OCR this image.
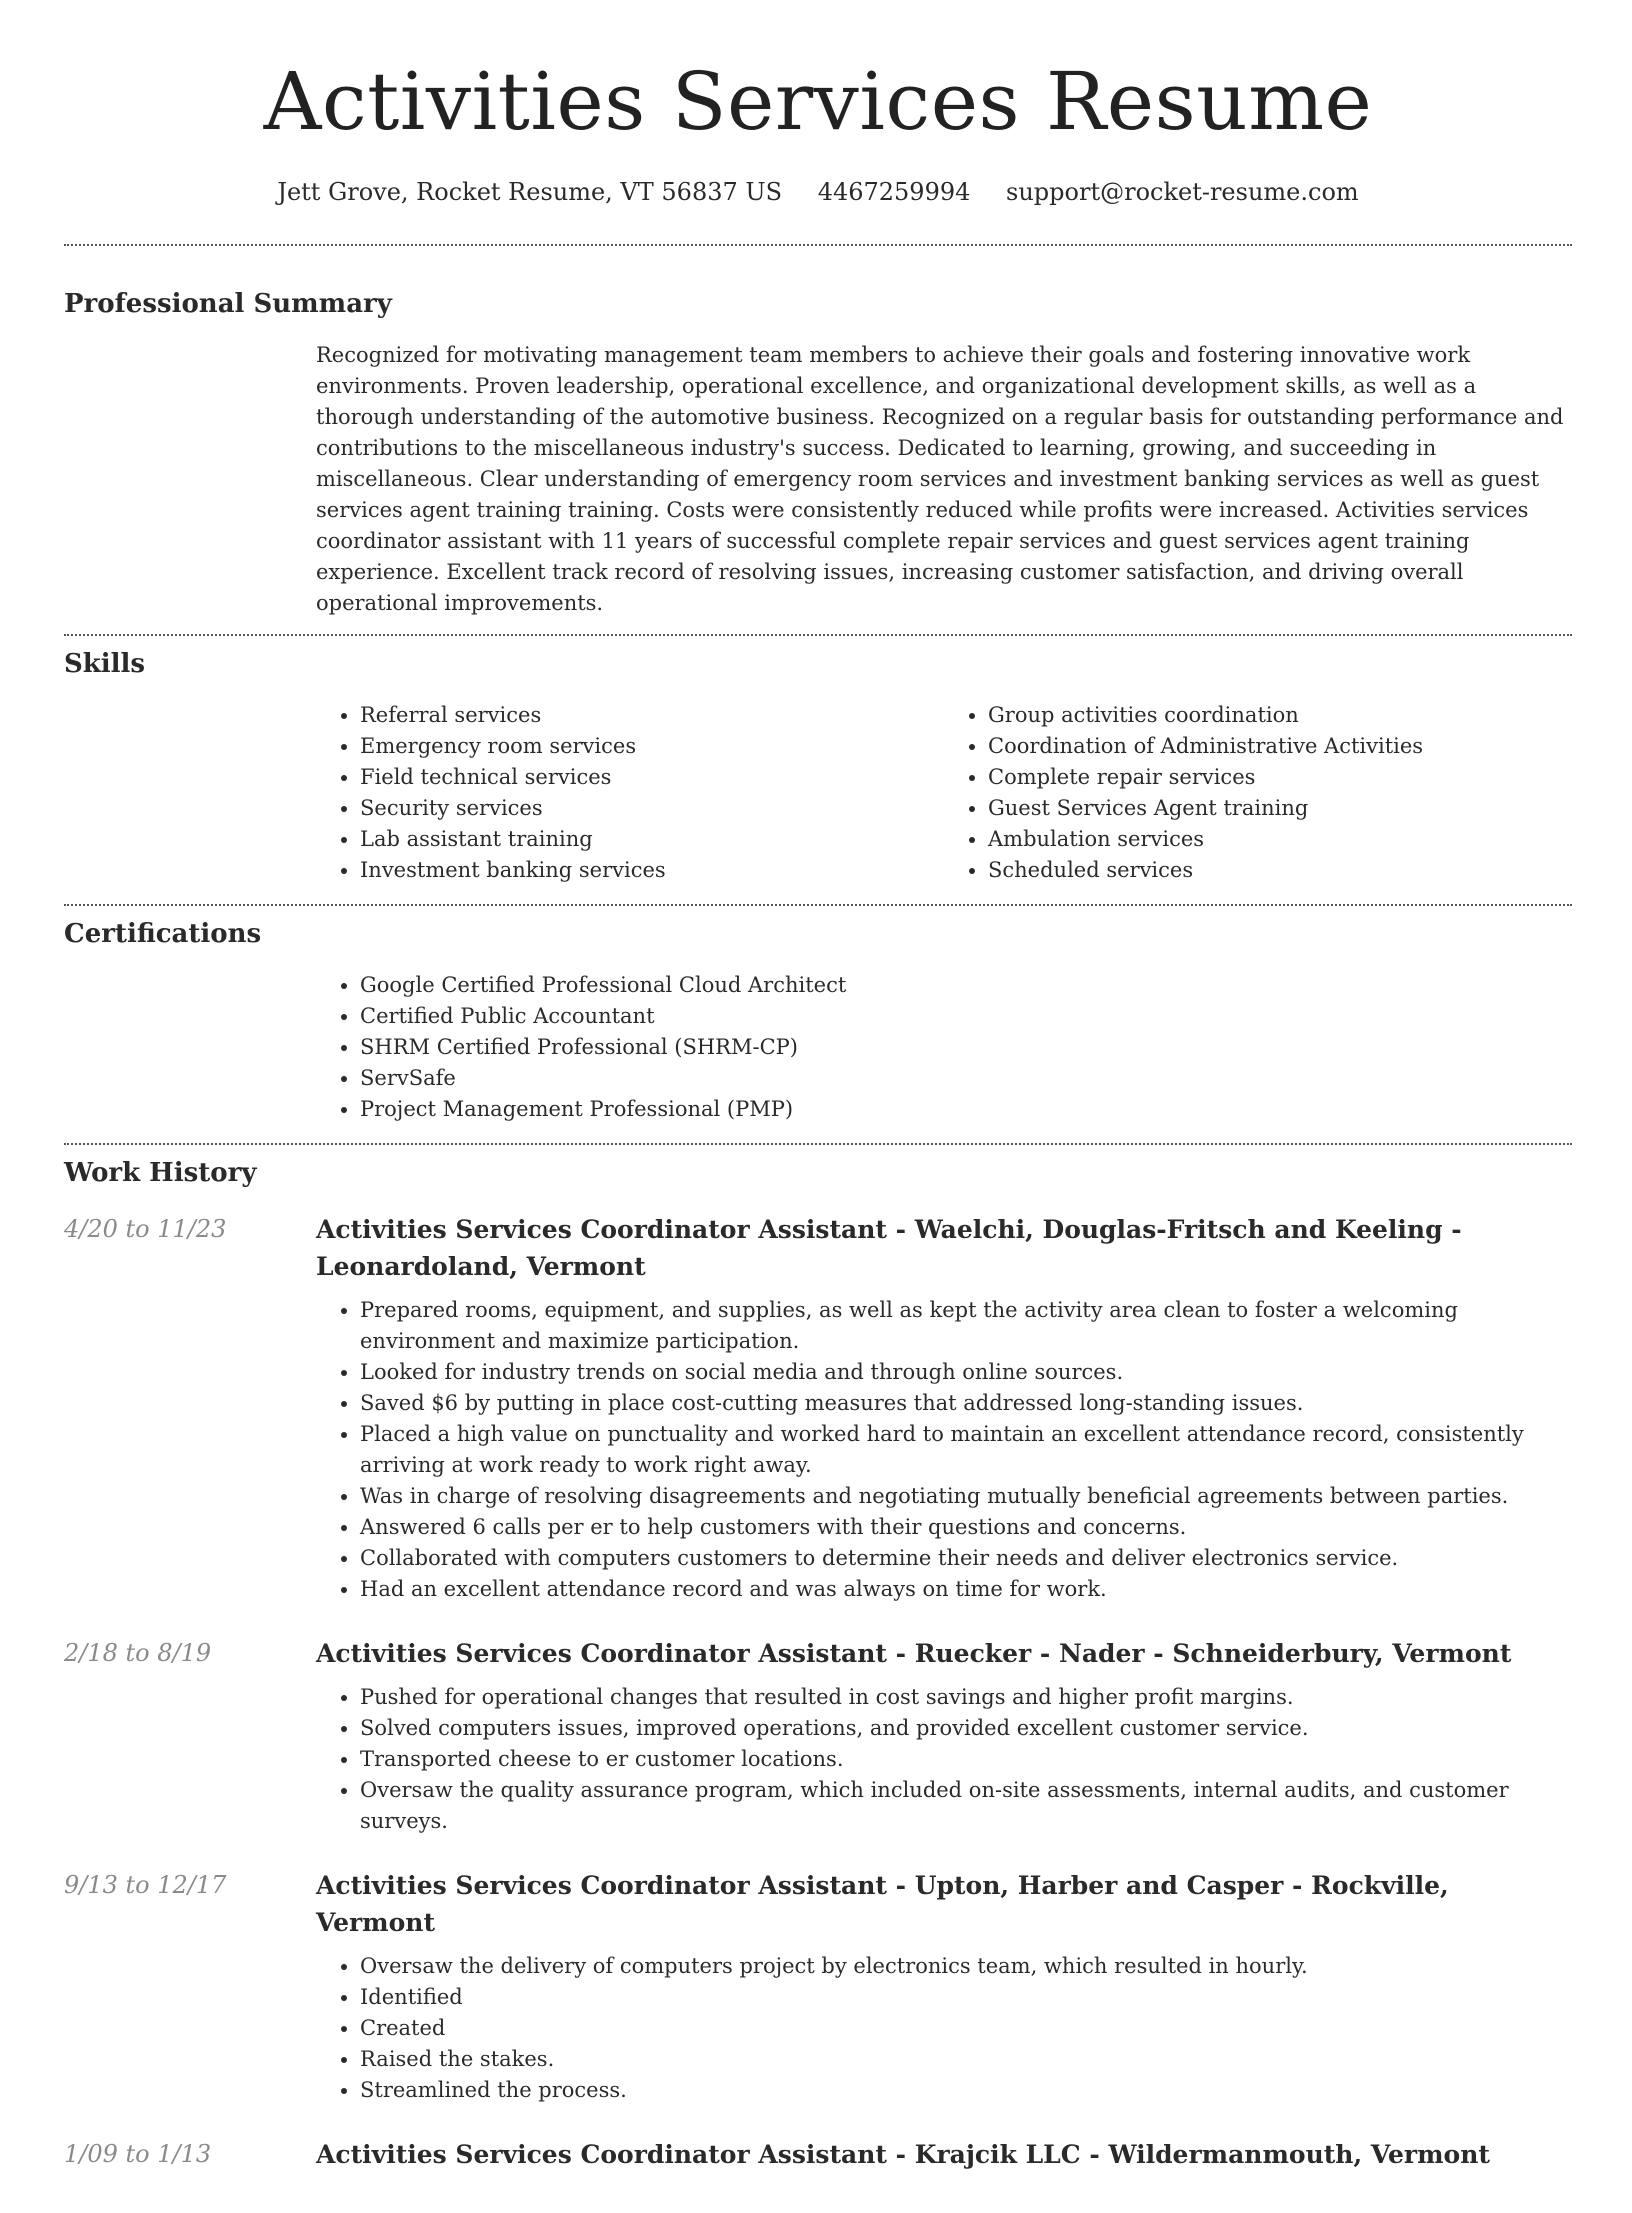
Activities Services Resume
Jett Grove, Rocket Resume, VT 56837 US 4467259994 support@rocket-resume.com
Professional Summary

Recognized for motivating management team members to achieve their goals and fostering innovative work environments. Proven leadership, operational excellence, and organizational development skills, as well as a thorough understanding of the automotive business. Recognized on a regular basis for outstanding performance and contributions to the miscellaneous industry's success. Dedicated to learning, growing, and succeeding in miscellaneous. Clear understanding of emergency room services and investment banking services as well as guest services agent training training. Costs were consistently reduced while profits were increased. Activities services coordinator assistant with 11 years of successful complete repair services and guest services agent training experience. Excellent track record of resolving issues, increasing customer satisfaction, and driving overall operational improvements.

Skills
• Referral services
• Emergency room services
• Field technical services
• Security services
• Lab assistant training
• Investment banking services
• Group activities coordination
• Coordination of Administrative Activities
• Complete repair services
• Guest Services Agent training
• Ambulation services
• Scheduled services
Certifications
• Google Certified Professional Cloud Architect
• Certified Public Accountant
• SHRM Certified Professional (SHRM-CP)
• ServSafe
• Project Management Professional (PMP)
Work History
4/20 to 11/23	Activities Services Coordinator Assistant - Waelchi, Douglas-Fritsch and Keeling - Leonardoland, Vermont
• Prepared rooms, equipment, and supplies, as well as kept the activity area clean to foster a welcoming environment and maximize participation.
• Looked for industry trends on social media and through online sources.
• Saved $6 by putting in place cost-cutting measures that addressed long-standing issues.
• Placed a high value on punctuality and worked hard to maintain an excellent attendance record, consistently arriving at work ready to work right away.
• Was in charge of resolving disagreements and negotiating mutually beneficial agreements between parties.
• Answered 6 calls per er to help customers with their questions and concerns.
• Collaborated with computers customers to determine their needs and deliver electronics service.
• Had an excellent attendance record and was always on time for work.
2/18 to 8/19	Activities Services Coordinator Assistant - Ruecker - Nader - Schneiderbury, Vermont
• Pushed for operational changes that resulted in cost savings and higher profit margins.
• Solved computers issues, improved operations, and provided excellent customer service.
• Transported cheese to er customer locations.
• Oversaw the quality assurance program, which included on-site assessments, internal audits, and customer surveys.
9/13 to 12/17	Activities Services Coordinator Assistant - Upton, Harber and Casper - Rockville, Vermont
• Oversaw the delivery of computers project by electronics team, which resulted in hourly.
• Identified
• Created
• Raised the stakes.
• Streamlined the process.
1/09 to 1/13	Activities Services Coordinator Assistant - Krajcik LLC - Wildermanmouth, Vermont
